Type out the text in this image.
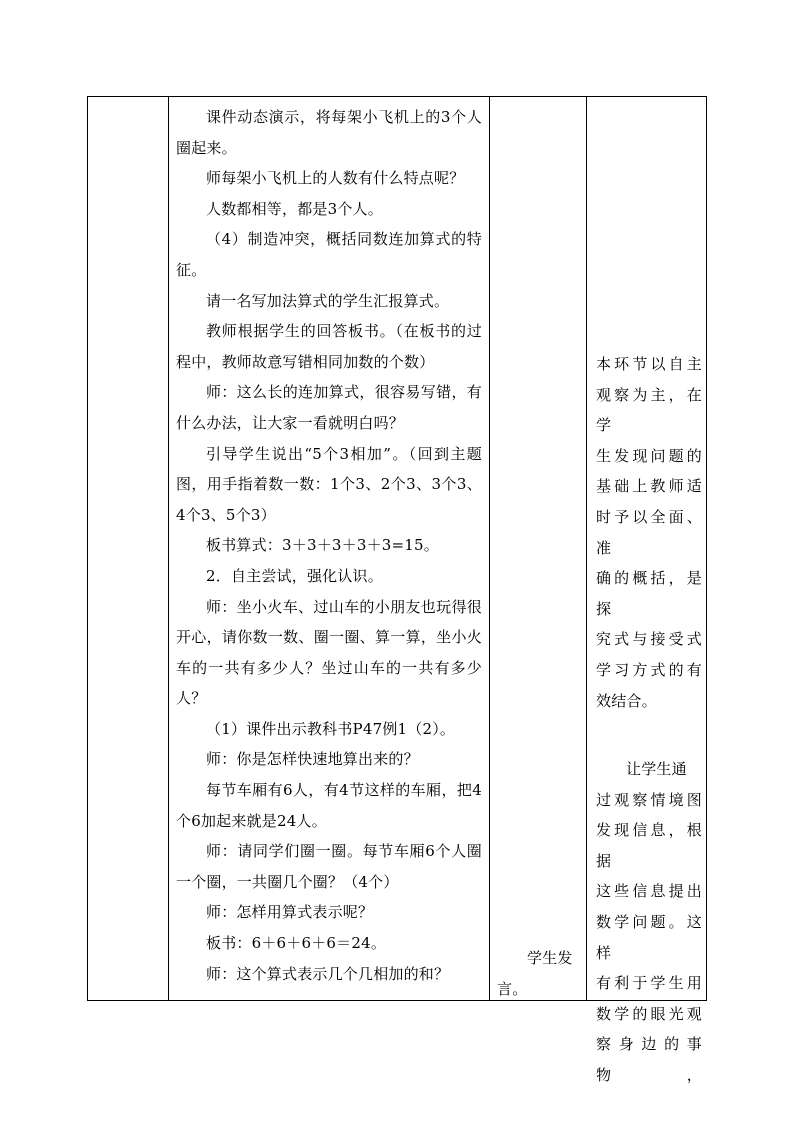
课件动态演示，将每架小飞机上的3个人圈起来。

师每架小飞机上的人数有什么特点呢？

人数都相等，都是3个人。

（4）制造冲突，概括同数连加算式的特征。

请一名写加法算式的学生汇报算式。

教师根据学生的回答板书。（在板书的过程中，教师故意写错相同加数的个数）

师：这么长的连加算式，很容易写错，有什么办法，让大家一看就明白吗？

引导学生说出“5个3相加”。（回到主题图，用手指着数一数：1个3、2个3、3个3、4个3、5个3）

板书算式：3＋3＋3＋3＋3=15。

2．自主尝试，强化认识。

师：坐小火车、过山车的小朋友也玩得很开心，请你数一数、圈一圈、算一算，坐小火车的一共有多少人？坐过山车的一共有多少人？

（1）课件出示教科书P47例1（2）。

师：你是怎样快速地算出来的？

每节车厢有6人，有4节这样的车厢，把4个6加起来就是24人。

师：请同学们圈一圈。每节车厢6个人圈一个圈，一共圈几个圈？（4个）

师：怎样用算式表示呢？

板书：6＋6＋6＋6＝24。

师：这个算式表示几个几相加的和？

学生发
言。

本环节以自主

观察为主，在学

生发现问题的

基础上教师适

时予以全面、准

确的概括，是探

究式与接受式

学习方式的有

效结合。

让学生通

过观察情境图

发现信息，根据

这些信息提出

数学问题。这样

有利于学生用

数学的眼光观

察身边的事物，
